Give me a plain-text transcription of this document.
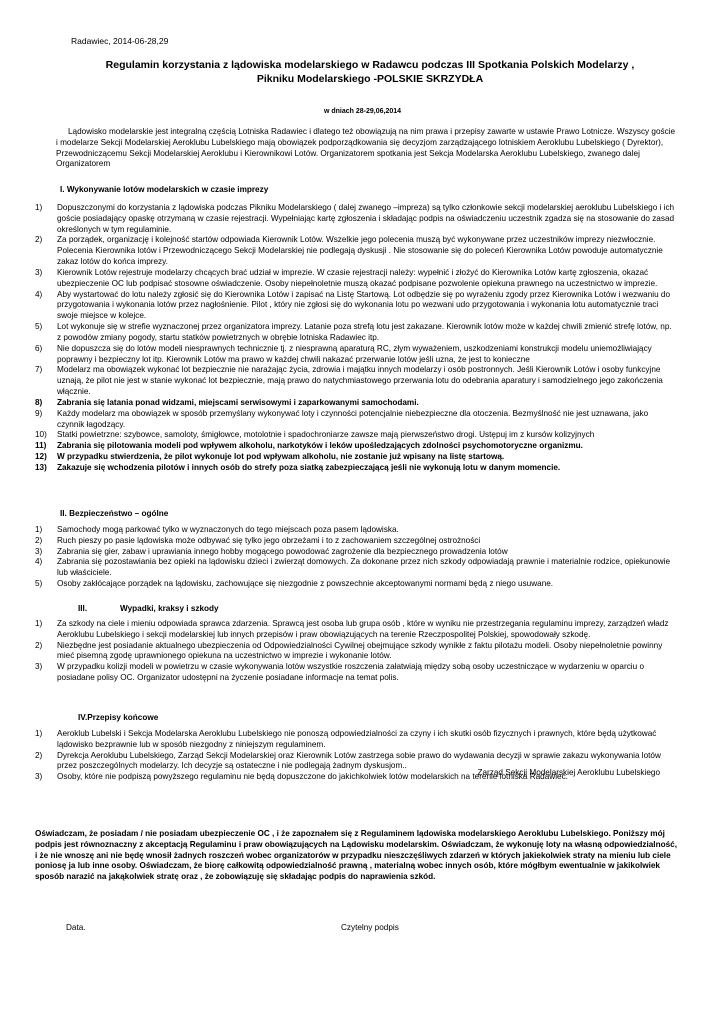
Radawiec, 2014-06-28,29
Regulamin korzystania z lądowiska modelarskiego w Radawcu podczas III Spotkania Polskich Modelarzy , Pikniku Modelarskiego -POLSKIE SKRZYDŁA
w dniach 28-29,06,2014
Lądowisko modelarskie jest integralną częścią Lotniska Radawiec i dlatego też obowiązują na nim prawa i przepisy zawarte w ustawie Prawo Lotnicze. Wszyscy goście i modelarze Sekcji Modelarskiej Aeroklubu Lubelskiego mają obowiązek podporządkowania się decyzjom zarządzającego lotniskiem Aeroklubu Lubelskiego ( Dyrektor), Przewodniczącemu Sekcji Modelarskiej Aeroklubu i Kierownikowi Lotów. Organizatorem spotkania jest Sekcja Modelarska Aeroklubu Lubelskiego, zwanego dalej Organizatorem
I. Wykonywanie lotów modelarskich w czasie imprezy
1)	Dopuszczonymi do korzystania z lądowiska podczas Pikniku Modelarskiego ( dalej zwanego –impreza) są tylko członkowie sekcji modelarskiej aeroklubu Lubelskiego i ich goście posiadający opaskę otrzymaną w czasie rejestracji. Wypełniając kartę zgłoszenia i składając podpis na oświadczeniu uczestnik zgadza się na stosowanie do zasad określonych w tym regulaminie.
2)	Za porządek, organizację i kolejność startów odpowiada Kierownik Lotów. Wszelkie jego polecenia muszą być wykonywane przez uczestników imprezy niezwłocznie. Polecenia Kierownika lotów i Przewodniczącego Sekcji Modelarskiej nie podlegają dyskusji . Nie stosowanie się do poleceń Kierownika Lotów powoduje automatycznie zakaz lotów do końca imprezy.
3)	Kierownik Lotów rejestruje modelarzy chcących brać udział w imprezie. W czasie rejestracji należy: wypełnić i złożyć do Kierownika Lotów kartę zgłoszenia, okazać ubezpieczenie OC lub podpisać stosowne oświadczenie. Osoby niepełnoletnie muszą okazać podpisane pozwolenie opiekuna prawnego na uczestnictwo w imprezie.
4)	Aby wystartować do lotu należy zgłosić się do Kierownika Lotów i zapisać na Listę Startową. Lot odbędzie się po wyrażeniu zgody przez Kierownika Lotów i wezwaniu do przygotowania i wykonania lotów przez nagłośnienie. Pilot , który nie zgłosi się do wykonania lotu po wezwani udo przygotowania i wykonania lotu automatycznie traci swoje miejsce w kolejce.
5)	Lot wykonuje się w strefie wyznaczonej przez organizatora imprezy. Latanie poza strefą lotu jest zakazane. Kierownik lotów może w każdej chwili zmienić strefę lotów, np. z powodów zmiany pogody, startu statków powietrznych w obrębie lotniska Radawiec itp.
6)	Nie dopuszcza się do lotów modeli niesprawnych technicznie tj. z niesprawną aparaturą RC, złym wyważeniem, uszkodzeniami konstrukcji modelu uniemożliwiający poprawny i bezpieczny lot itp. Kierownik Lotów ma prawo w każdej chwili nakazać przerwanie lotów jeśli uzna, że jest to konieczne
7)	Modelarz ma obowiązek wykonać lot bezpiecznie nie narażając życia, zdrowia i majątku innych modelarzy i osób postronnych. Jeśli Kierownik Lotów i osoby funkcyjne uznają, że pilot nie jest w stanie wykonać lot bezpiecznie, mają prawo do natychmiastowego przerwania lotu do odebrania aparatury i samodzielnego jego zakończenia włącznie.
8)	Zabrania się latania ponad widzami, miejscami serwisowymi i zaparkowanymi samochodami.
9)	Każdy modelarz ma obowiązek w sposób przemyślany wykonywać loty i czynności potencjalnie niebezpieczne dla otoczenia. Bezmyślność nie jest uznawana, jako czynnik łagodzący.
10)	Statki powietrzne: szybowce, samoloty, śmigłowce, motolotnie i spadochroniarze zawsze mają pierwszeństwo drogi. Ustępuj im z kursów kolizyjnych
11)	Zabrania się pilotowania modeli pod wpływem alkoholu, narkotyków i leków upośledzających zdolności psychomotoryczne organizmu.
12)	W przypadku stwierdzenia, że pilot wykonuje lot pod wpływam alkoholu, nie zostanie już wpisany na listę startową.
13)	Zakazuje się wchodzenia pilotów i innych osób do strefy poza siatką zabezpieczającą jeśli nie wykonują lotu w danym momencie.
II. Bezpieczeństwo – ogólne
1)	Samochody mogą parkować tylko w wyznaczonych do tego miejscach poza pasem lądowiska.
2)	Ruch pieszy po pasie lądowiska może odbywać się tylko jego obrzeżami i to z zachowaniem szczególnej ostrożności
3)	Zabrania się gier, zabaw i uprawiania innego hobby mogącego powodować zagrożenie dla bezpiecznego prowadzenia lotów
4)	Zabrania się pozostawiania bez opieki na lądowisku dzieci i zwierząt domowych. Za dokonane przez nich szkody odpowiadają prawnie i materialnie rodzice, opiekunowie lub właściciele.
5)	Osoby zakłócające porządek na lądowisku, zachowujące się niezgodnie z powszechnie akceptowanymi normami będą z niego usuwane.
III.	Wypadki, kraksy i szkody
1)	Za szkody na ciele i mieniu odpowiada sprawca zdarzenia. Sprawcą jest osoba lub grupa osób , które w wyniku nie przestrzegania regulaminu imprezy, zarządzeń władz Aeroklubu Lubelskiego i sekcji modelarskiej lub innych przepisów i praw obowiązujących na terenie Rzeczpospolitej Polskiej, spowodowały szkodę.
2)	Niezbędne jest posiadanie aktualnego ubezpieczenia od Odpowiedzialności Cywilnej obejmujące szkody wynikłe z faktu pilotażu modeli. Osoby niepełnoletnie powinny mieć pisemną zgodę uprawnionego opiekuna na uczestnictwo w imprezie i wykonanie lotów.
3)	W przypadku kolizji modeli w powietrzu w czasie wykonywania lotów wszystkie roszczenia załatwiają między sobą osoby uczestniczące w wydarzeniu w oparciu o posiadane polisy OC. Organizator udostępni na życzenie posiadane informacje na temat polis.
IV.Przepisy końcowe
1)	Aeroklub Lubelski i Sekcja Modelarska Aeroklubu Lubelskiego nie ponoszą odpowiedzialności za czyny i ich skutki osób fizycznych i prawnych, które będą użytkować lądowisko bezprawnie lub w sposób niezgodny z niniejszym regulaminem.
2)	Dyrekcja Aeroklubu Lubelskiego, Zarząd Sekcji Modelarskiej oraz Kierownik Lotów zastrzega sobie prawo do wydawania decyzji w sprawie zakazu wykonywania lotów przez poszczególnych modelarzy. Ich decyzje są ostateczne i nie podlegają żadnym dyskusjom..
3)	Osoby, które nie podpiszą powyższego regulaminu nie będą dopuszczone do jakichkolwiek lotów modelarskich na terenie lotniska Radawiec.
Zarząd Sekcji Modelarskiej Aeroklubu Lubelskiego
Oświadczam, że posiadam / nie posiadam ubezpieczenie OC , i że zapoznałem się z Regulaminem lądowiska modelarskiego Aeroklubu Lubelskiego. Poniższy mój podpis jest równoznaczny z akceptacją Regulaminu i praw obowiązujących na Lądowisku modelarskim. Oświadczam, że wykonuję loty na własną odpowiedzialność, i że nie wnoszę ani nie będę wnosił żadnych roszczeń wobec organizatorów w przypadku nieszczęśliwych zdarzeń w których jakiekolwiek straty na mieniu lub ciele poniosę ja lub inne osoby. Oświadczam, że biorę całkowitą odpowiedzialność prawną , materialną wobec innych osób, które mógłbym ewentualnie w jakikolwiek sposób narazić na jakąkolwiek stratę oraz , że zobowiązuję się składając podpis do naprawienia szkód.
Data.	Czytelny podpis
